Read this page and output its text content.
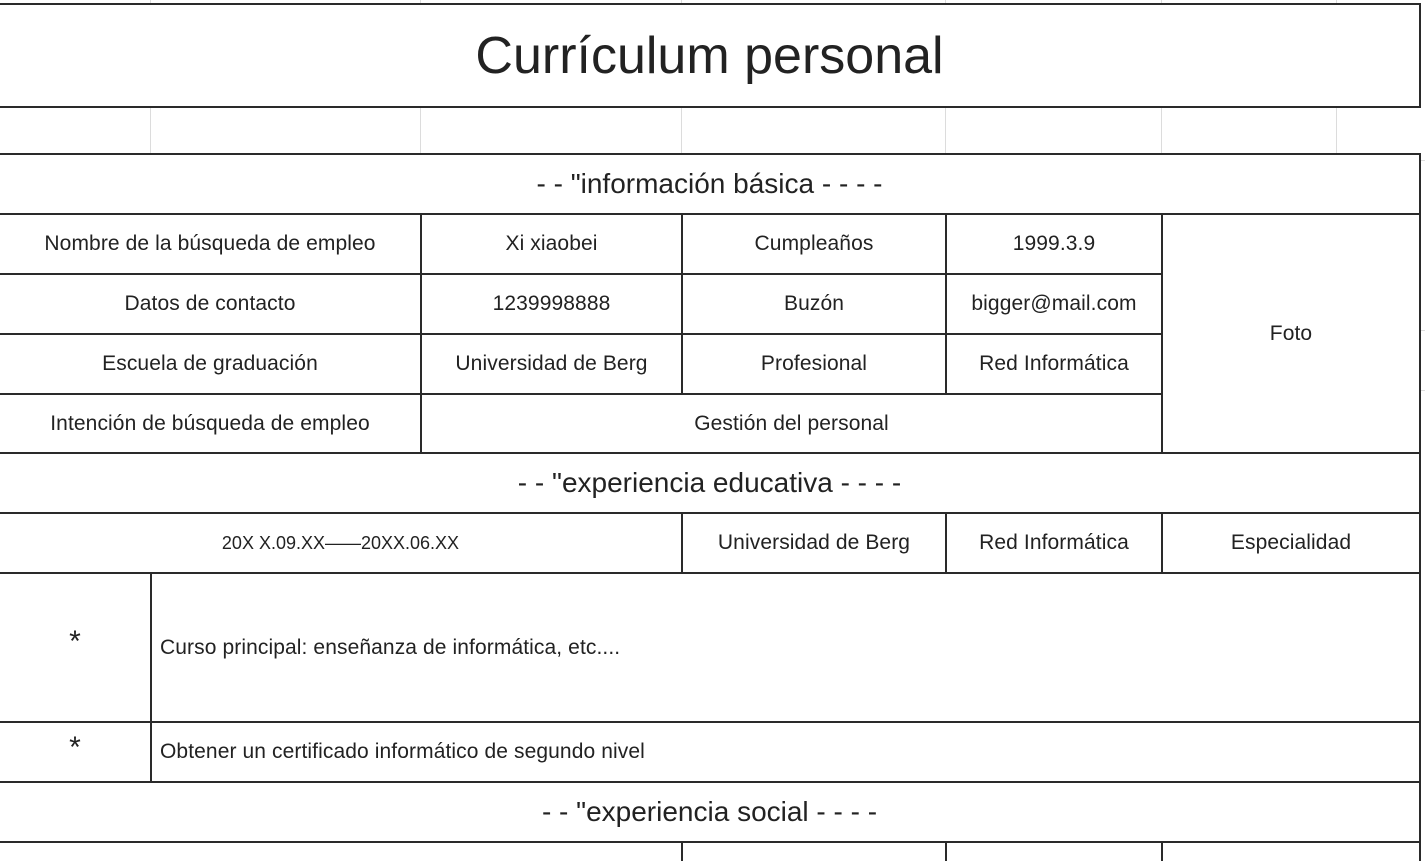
Currículum personal
- - "información básica - - - -
Nombre de la búsqueda de empleo	Xi xiaobei	Cumpleaños	1999.3.9
Foto
Datos de contacto	1239998888	Buzón	bigger@mail.com
Escuela de graduación	Universidad de Berg	Profesional	Red Informática
Intención de búsqueda de empleo	Gestión del personal
- - "experiencia educativa - - - -
20X X.09.XX——20XX.06.XX	Universidad de Berg	Red Informática	Especialidad
*	Curso principal: enseñanza de informática, etc....
*	Obtener un certificado informático de segundo nivel
- - "experiencia social - - - -
